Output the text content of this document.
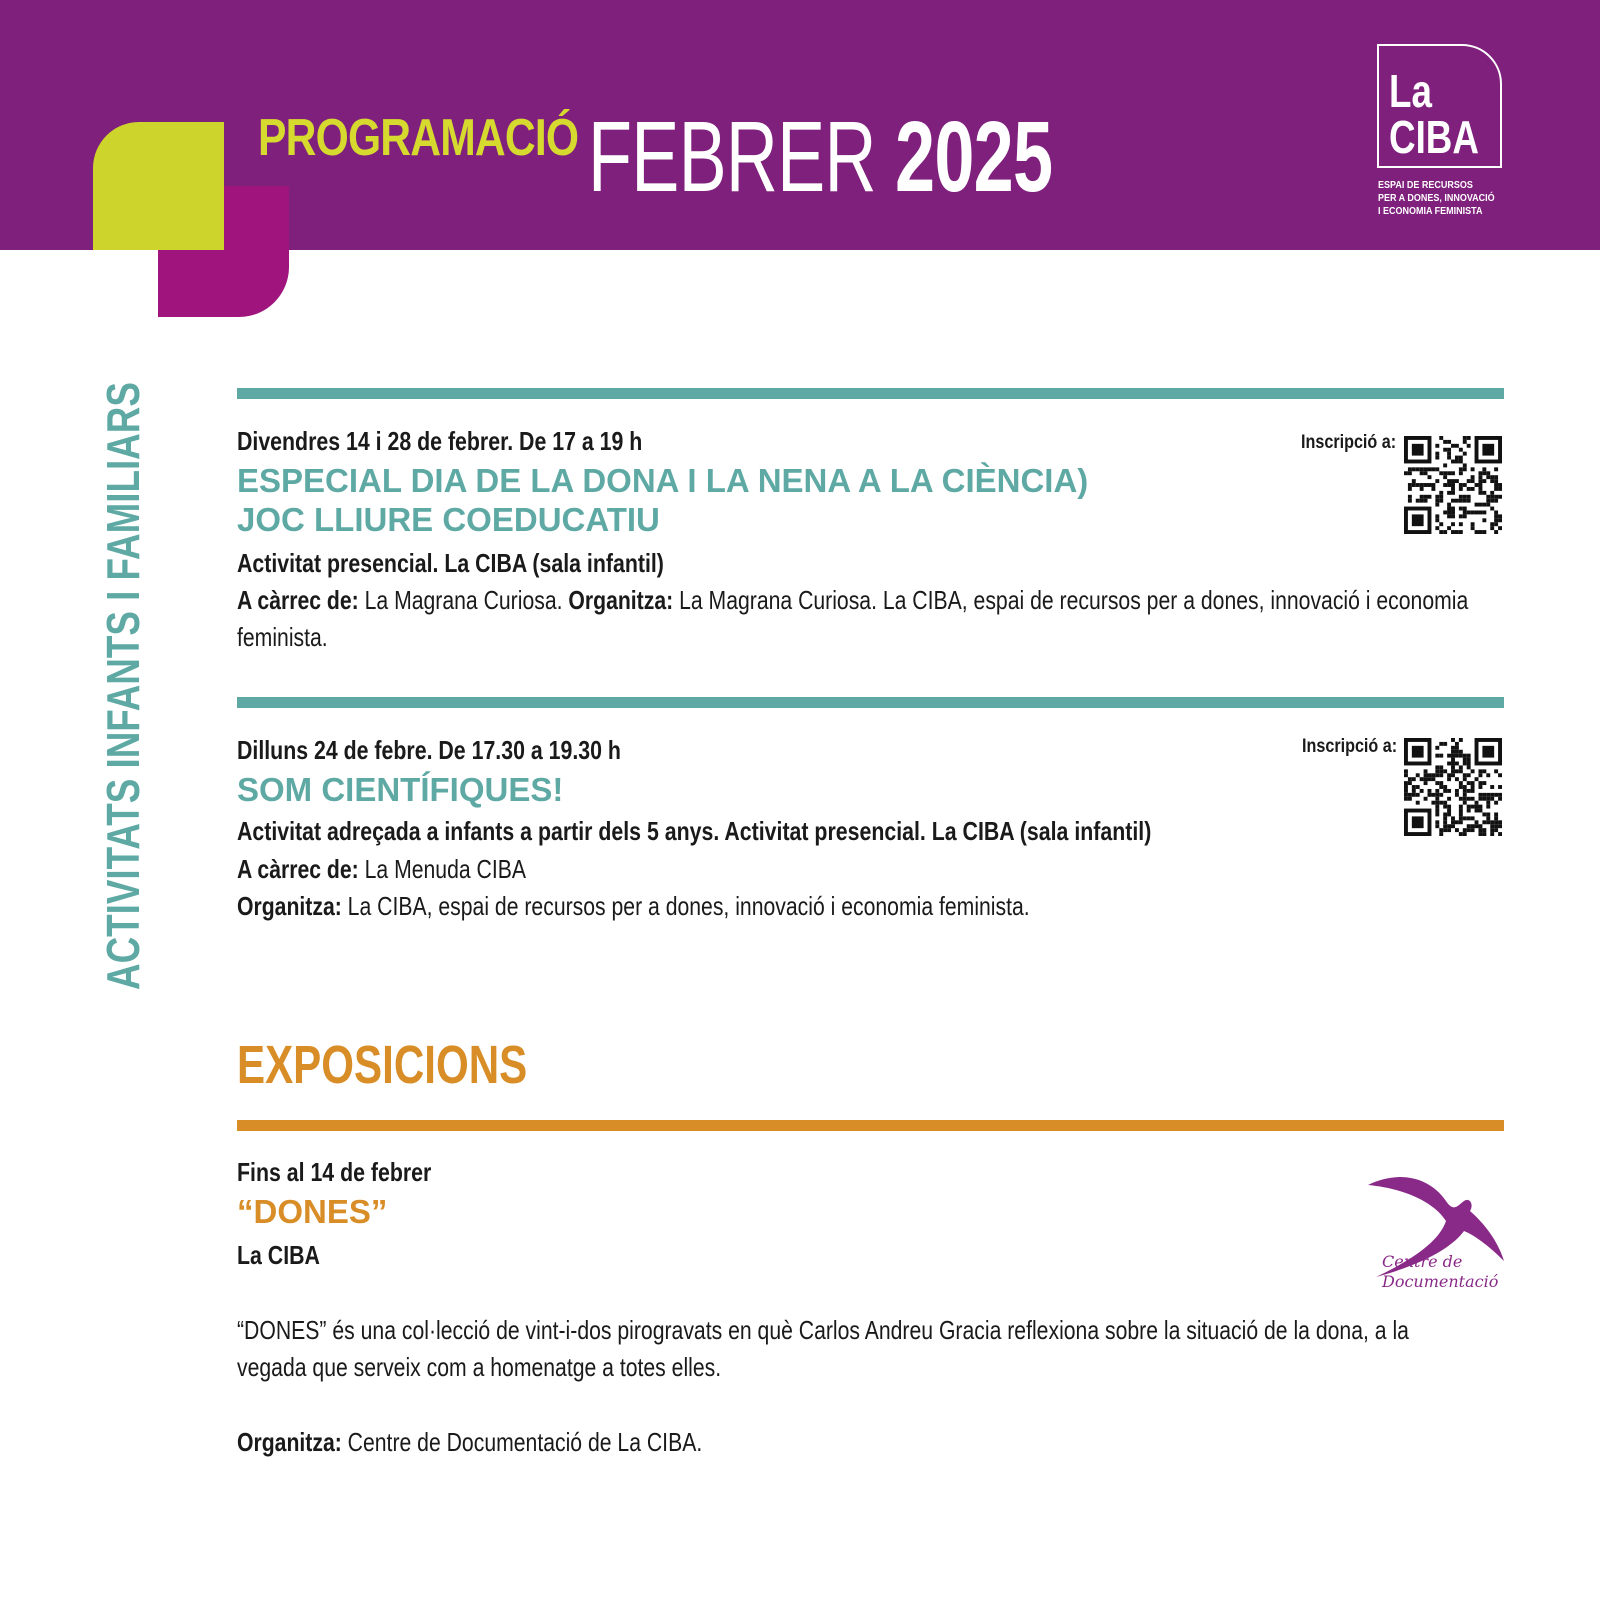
PROGRAMACIÓ FEBRER 2025
La
CIBA
ESPAI DE RECURSOS
PER A DONES, INNOVACIÓ
I ECONOMIA FEMINISTA
ACTIVITATS INFANTS I FAMILIARS	Divendres 14 i 28 de febrer. De 17 a 19 h
ESPECIAL DIA DE LA DONA I LA NENA A LA CIÈNCIA)
JOC LLIURE COEDUCATIU
Activitat presencial. La CIBA (sala infantil)
A càrrec de: La Magrana Curiosa. Organitza: La Magrana Curiosa. La CIBA, espai de recursos per a dones, innovació i economia feminista.
Inscripció a:
Dilluns 24 de febre. De 17.30 a 19.30 h
SOM CIENTÍFIQUES!
Activitat adreçada a infants a partir dels 5 anys. Activitat presencial. La CIBA (sala infantil)
A càrrec de: La Menuda CIBA
Organitza: La CIBA, espai de recursos per a dones, innovació i economia feminista.
Inscripció a:
EXPOSICIONS
Fins al 14 de febrer
“DONES”
La CIBA
“DONES” és una col·lecció de vint-i-dos pirogravats en què Carlos Andreu Gracia reflexiona sobre la situació de la dona, a la vegada que serveix com a homenatge a totes elles.
Organitza: Centre de Documentació de La CIBA.
Centre de
Documentació
